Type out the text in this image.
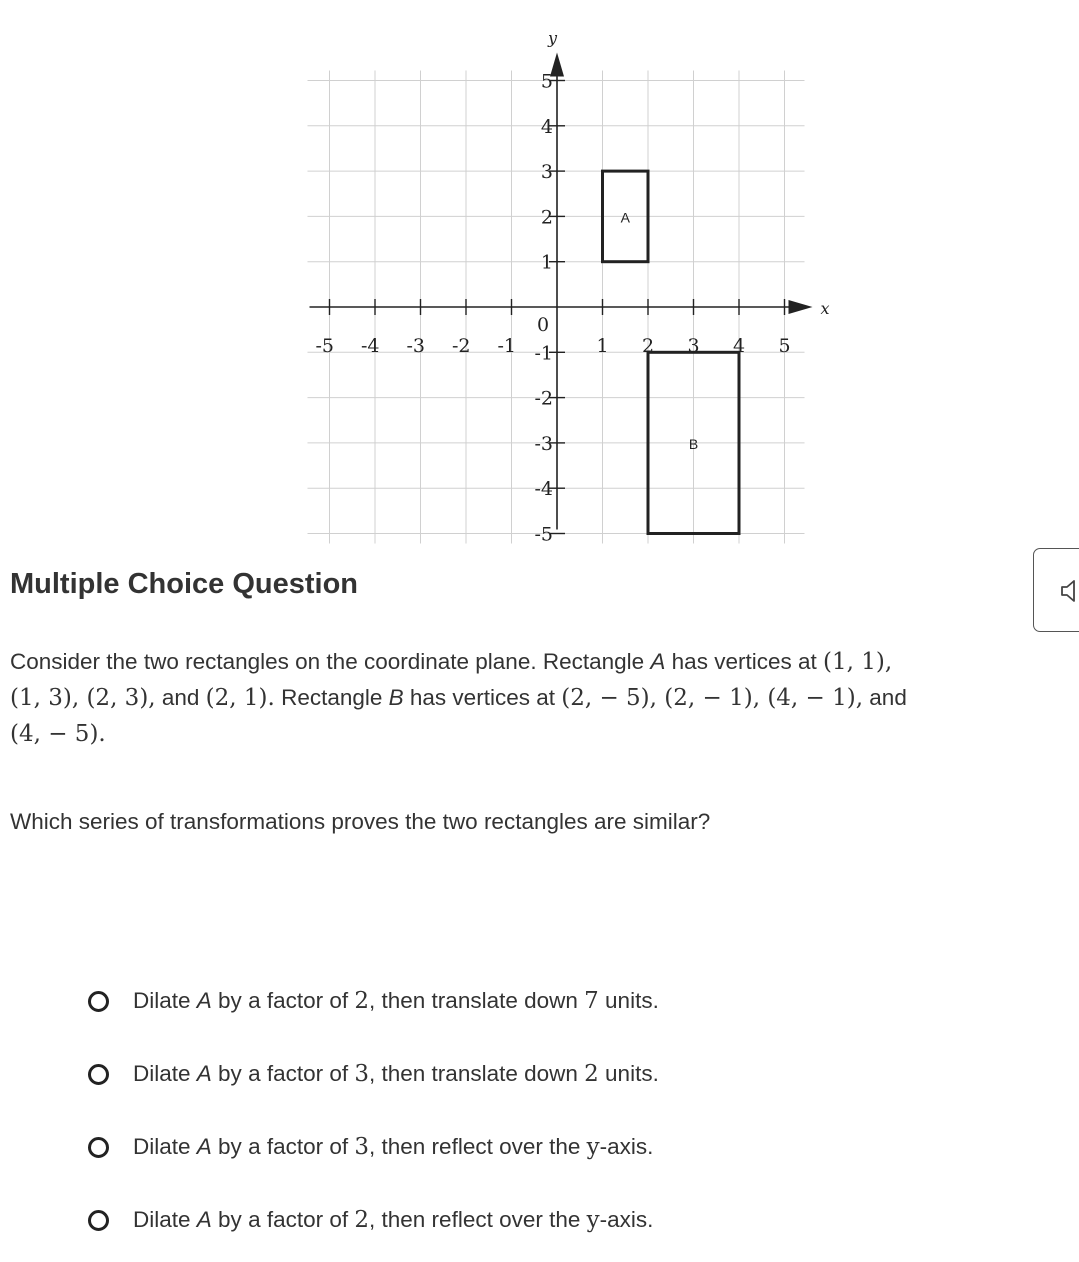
x
y
-5 -4 -3 -2 -1	1 2 3 4 5
5
4
3
2
1
-1
-2
-3
-4
-5
0
A
B
Multiple Choice Question

Consider the two rectangles on the coordinate plane. Rectangle A has vertices at (1, 1),
(1, 3), (2, 3), and (2, 1). Rectangle B has vertices at (2, − 5), (2, − 1), (4, − 1), and
(4, − 5).

Which series of transformations proves the two rectangles are similar?

Dilate A by a factor of 2, then translate down 7 units.
Dilate A by a factor of 3, then translate down 2 units.
Dilate A by a factor of 3, then reflect over the y-axis.
Dilate A by a factor of 2, then reflect over the y-axis.
